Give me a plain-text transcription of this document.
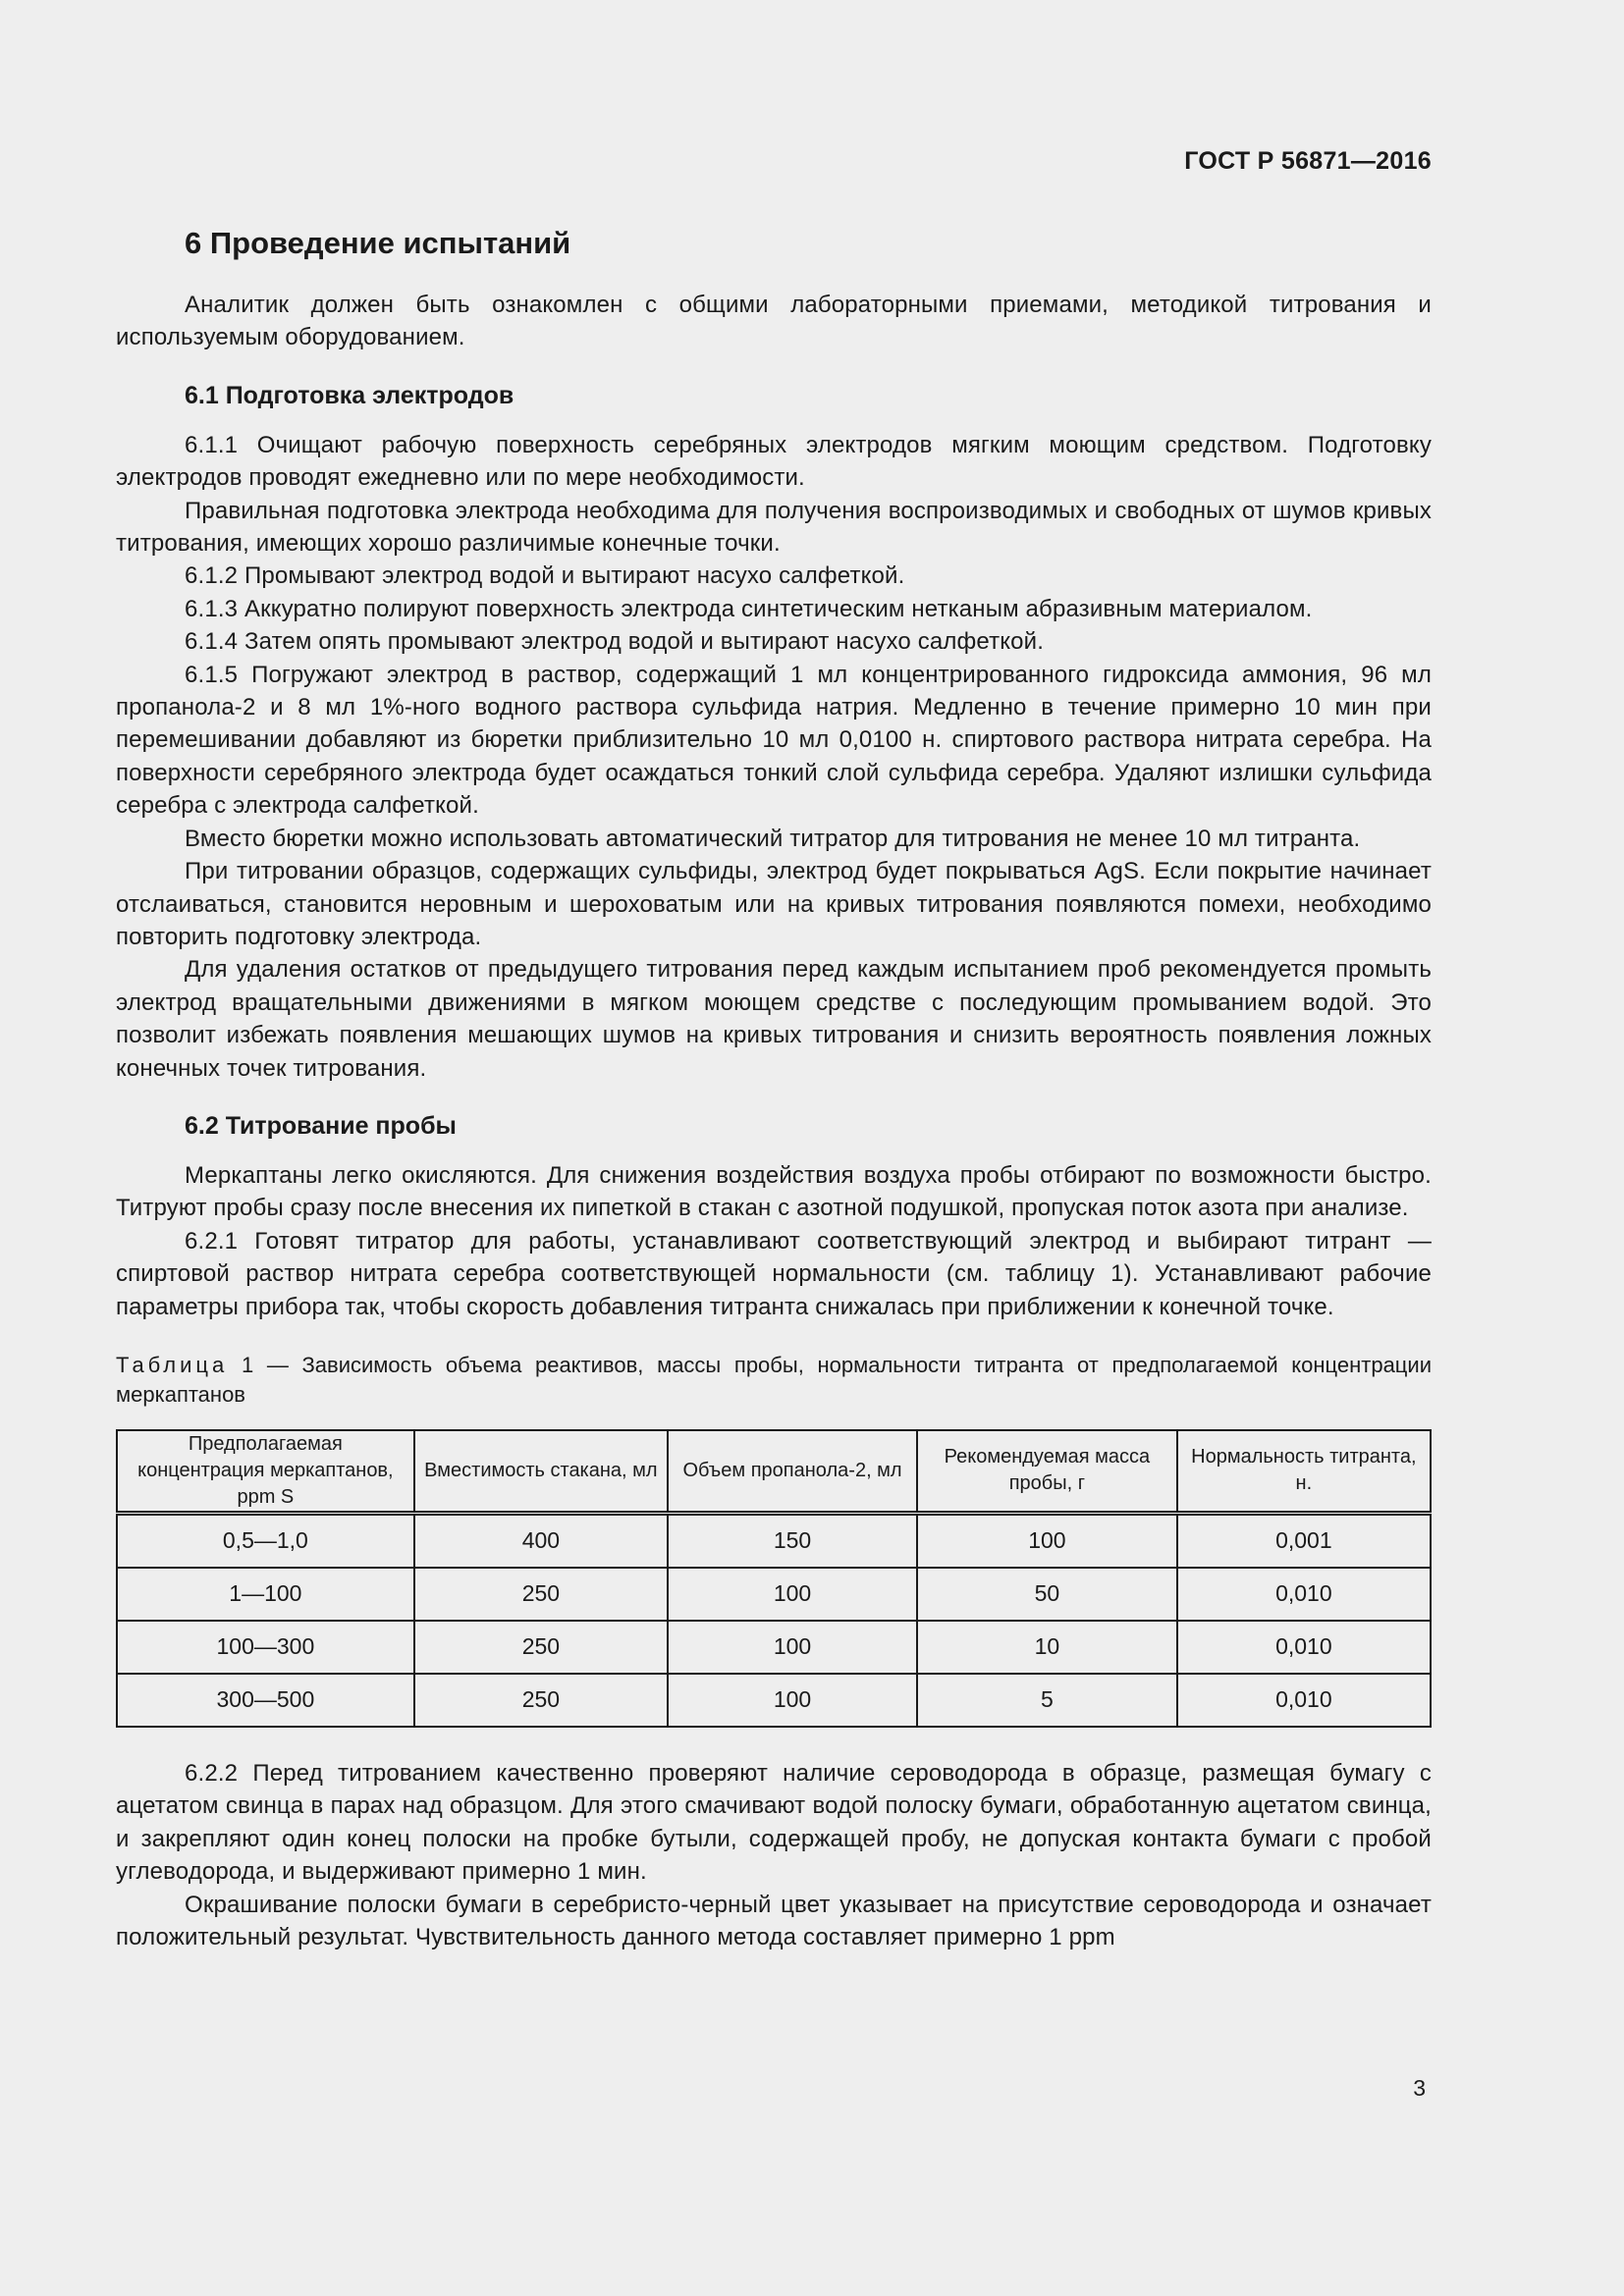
ГОСТ Р 56871—2016
6 Проведение испытаний

Аналитик должен быть ознакомлен с общими лабораторными приемами, методикой титрования и используемым оборудованием.

6.1 Подготовка электродов

6.1.1 Очищают рабочую поверхность серебряных электродов мягким моющим средством. Подготовку электродов проводят ежедневно или по мере необходимости.

Правильная подготовка электрода необходима для получения воспроизводимых и свободных от шумов кривых титрования, имеющих хорошо различимые конечные точки.

6.1.2 Промывают электрод водой и вытирают насухо салфеткой.

6.1.3 Аккуратно полируют поверхность электрода синтетическим нетканым абразивным материалом.

6.1.4 Затем опять промывают электрод водой и вытирают насухо салфеткой.

6.1.5 Погружают электрод в раствор, содержащий 1 мл концентрированного гидроксида аммония, 96 мл пропанола-2 и 8 мл 1%-ного водного раствора сульфида натрия. Медленно в течение примерно 10 мин при перемешивании добавляют из бюретки приблизительно 10 мл 0,0100 н. спиртового раствора нитрата серебра. На поверхности серебряного электрода будет осаждаться тонкий слой сульфида серебра. Удаляют излишки сульфида серебра с электрода салфеткой.

Вместо бюретки можно использовать автоматический титратор для титрования не менее 10 мл титранта.

При титровании образцов, содержащих сульфиды, электрод будет покрываться AgS. Если покрытие начинает отслаиваться, становится неровным и шероховатым или на кривых титрования появляются помехи, необходимо повторить подготовку электрода.

Для удаления остатков от предыдущего титрования перед каждым испытанием проб рекомендуется промыть электрод вращательными движениями в мягком моющем средстве с последующим промыванием водой. Это позволит избежать появления мешающих шумов на кривых титрования и снизить вероятность появления ложных конечных точек титрования.

6.2 Титрование пробы

Меркаптаны легко окисляются. Для снижения воздействия воздуха пробы отбирают по возможности быстро. Титруют пробы сразу после внесения их пипеткой в стакан с азотной подушкой, пропуская поток азота при анализе.

6.2.1 Готовят титратор для работы, устанавливают соответствующий электрод и выбирают титрант — спиртовой раствор нитрата серебра соответствующей нормальности (см. таблицу 1). Устанавливают рабочие параметры прибора так, чтобы скорость добавления титранта снижалась при приближении к конечной точке.

Таблица 1 — Зависимость объема реактивов, массы пробы, нормальности титранта от предполагаемой концентрации меркаптанов
Предполагаемая концентрация меркаптанов, ppm S	Вместимость стакана, мл	Объем пропанола-2, мл	Рекомендуемая масса пробы, г	Нормальность титранта, н.
0,5—1,0	400	150	100	0,001
1—100	250	100	50	0,010
100—300	250	100	10	0,010
300—500	250	100	5	0,010

6.2.2 Перед титрованием качественно проверяют наличие сероводорода в образце, размещая бумагу с ацетатом свинца в парах над образцом. Для этого смачивают водой полоску бумаги, обработанную ацетатом свинца, и закрепляют один конец полоски на пробке бутыли, содержащей пробу, не допуская контакта бумаги с пробой углеводорода, и выдерживают примерно 1 мин.

Окрашивание полоски бумаги в серебристо-черный цвет указывает на присутствие сероводорода и означает положительный результат. Чувствительность данного метода составляет примерно 1 ppm

3
